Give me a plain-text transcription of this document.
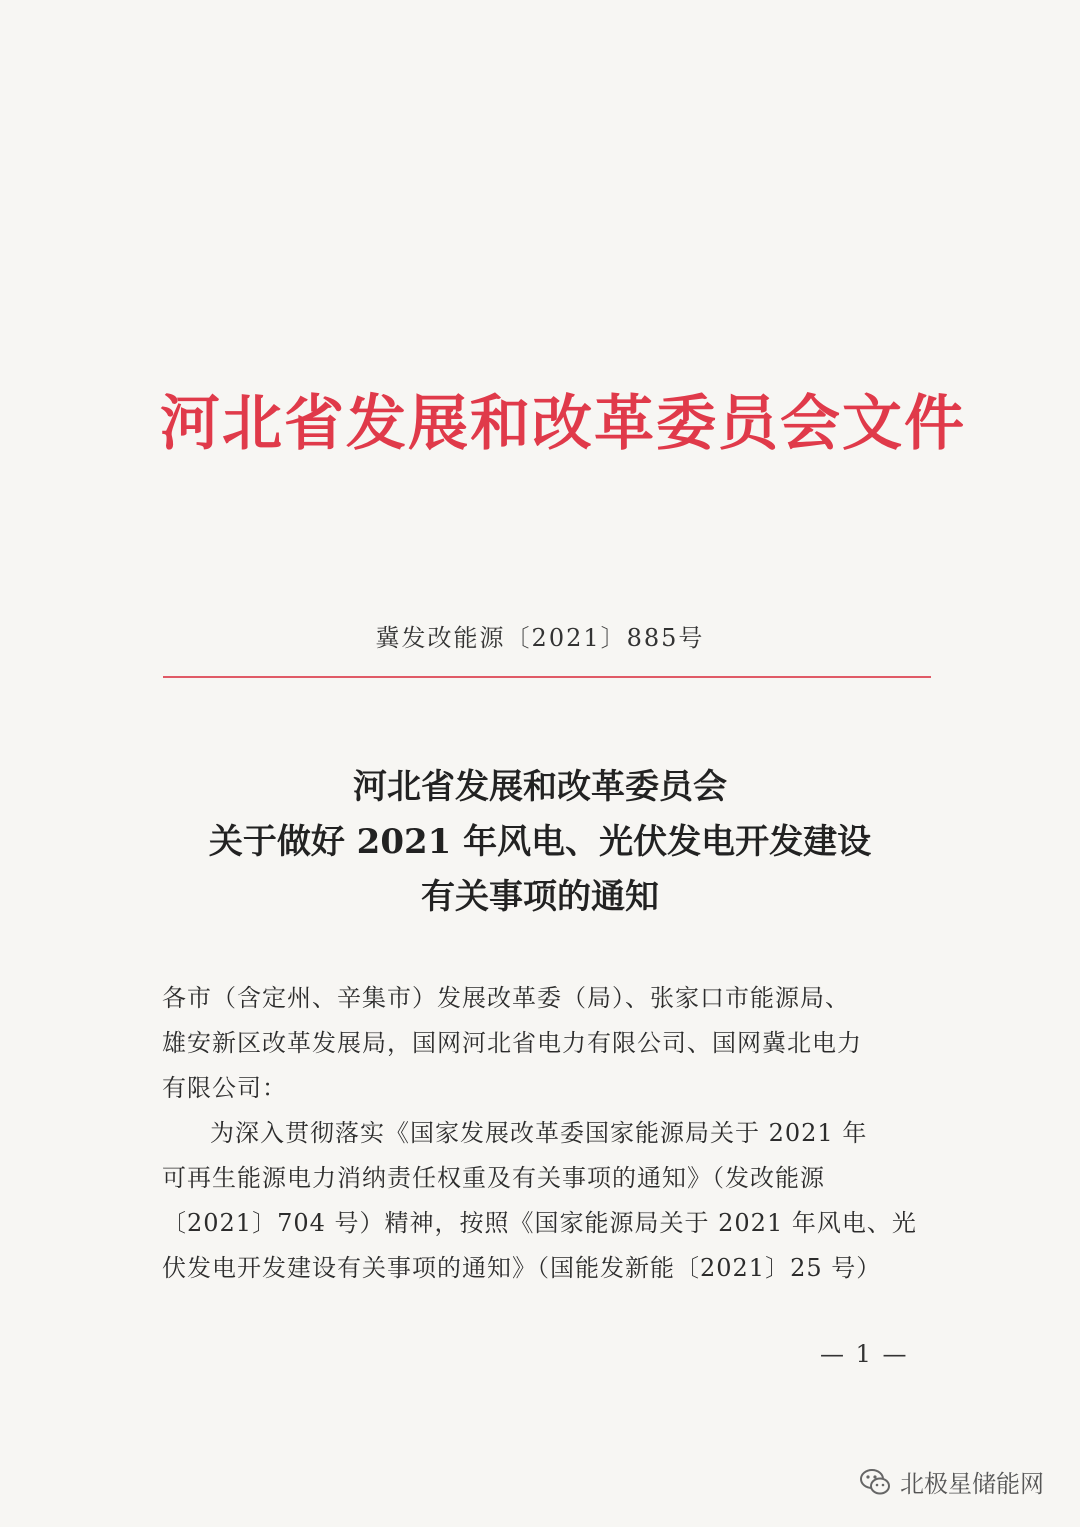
河北省发展和改革委员会文件
冀发改能源〔2021〕885号
河北省发展和改革委员会
关于做好 2021 年风电、光伏发电开发建设
有关事项的通知
各市（含定州、辛集市）发展改革委（局）、张家口市能源局、
雄安新区改革发展局，国网河北省电力有限公司、国网冀北电力
有限公司：
为深入贯彻落实《国家发展改革委国家能源局关于 2021 年
可再生能源电力消纳责任权重及有关事项的通知》（发改能源
〔2021〕704 号）精神，按照《国家能源局关于 2021 年风电、光
伏发电开发建设有关事项的通知》（国能发新能〔2021〕25 号）
— 1 —
北极星储能网
